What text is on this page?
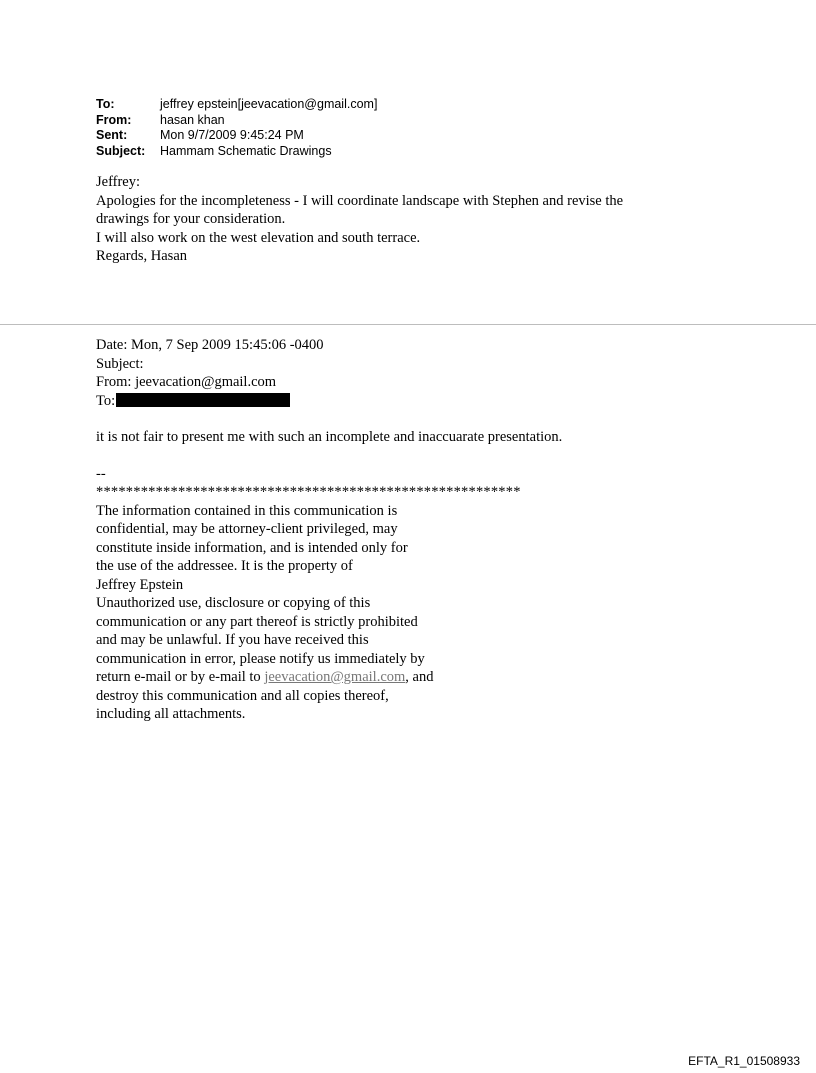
To:	jeffrey epstein[jeevacation@gmail.com]
From:	hasan khan
Sent:	Mon 9/7/2009 9:45:24 PM
Subject:	Hammam Schematic Drawings

Jeffrey:

Apologies for the incompleteness - I will coordinate landscape with Stephen and revise the

drawings for your consideration.

I will also work on the west elevation and south terrace.

Regards, Hasan

Date: Mon, 7 Sep 2009 15:45:06 -0400

Subject:

From: jeevacation@gmail.com

To:

it is not fair to present me with such an incomplete and inaccuarate presentation.

--

*********************************************************

The information contained in this communication is

confidential, may be attorney-client privileged, may

constitute inside information, and is intended only for

the use of the addressee. It is the property of

Jeffrey Epstein

Unauthorized use, disclosure or copying of this

communication or any part thereof is strictly prohibited

and may be unlawful. If you have received this

communication in error, please notify us immediately by

return e-mail or by e-mail to jeevacation@gmail.com, and

destroy this communication and all copies thereof,

including all attachments.

EFTA_R1_01508933
